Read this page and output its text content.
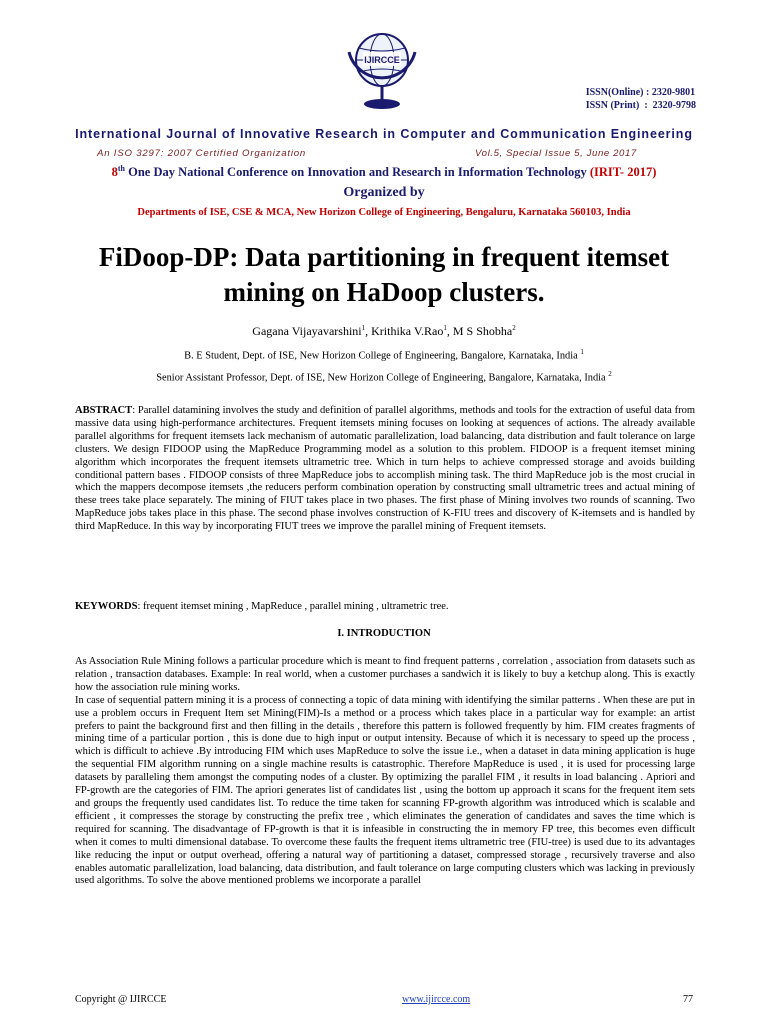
IJIRCCE
ISSN(Online) : 2320-9801
ISSN (Print)  :  2320-9798
International Journal of Innovative Research in Computer and Communication Engineering
An ISO 3297: 2007 Certified Organization	Vol.5, Special Issue 5, June 2017
8th One Day National Conference on Innovation and Research in Information Technology (IRIT- 2017)
Organized by
Departments of ISE, CSE & MCA, New Horizon College of Engineering, Bengaluru, Karnataka 560103, India
FiDoop-DP: Data partitioning in frequent itemset mining on HaDoop clusters.
Gagana Vijayavarshini$^1$, Krithika V.Rao$^1$, M S Shobha$^2$
B. E Student, Dept. of ISE, New Horizon College of Engineering, Bangalore, Karnataka, India $^1$
Senior Assistant Professor, Dept. of ISE, New Horizon College of Engineering, Bangalore, Karnataka, India $^2$
ABSTRACT: Parallel datamining involves the study and definition of parallel algorithms, methods and tools for the extraction of useful data from massive data using high-performance architectures. Frequent itemsets mining focuses on looking at sequences of actions. The already available parallel algorithms for frequent itemsets lack mechanism of automatic parallelization, load balancing, data distribution and fault tolerance on large clusters. We design FIDOOP using the MapReduce Programming model as a solution to this problem. FIDOOP is a frequent itemset mining algorithm which incorporates the frequent itemsets ultrametric tree. Which in turn helps to achieve compressed storage and avoids building conditional pattern bases . FIDOOP consists of three MapReduce jobs to accomplish mining task. The third MapReduce job is the most crucial in which the mappers decompose itemsets ,the reducers perform combination operation by constructing small ultrametric trees and actual mining of these trees take place separately. The mining of FIUT takes place in two phases. The first phase of Mining involves two rounds of scanning. Two MapReduce jobs takes place in this phase. The second phase involves construction of K-FIU trees and discovery of K-itemsets and is handled by third MapReduce. In this way by incorporating FIUT trees we improve the parallel mining of Frequent itemsets.
KEYWORDS: frequent itemset mining , MapReduce , parallel mining , ultrametric tree.
I. INTRODUCTION

As Association Rule Mining follows a particular procedure which is meant to find frequent patterns , correlation , association from datasets such as relation , transaction databases. Example: In real world, when a customer purchases a sandwich it is likely to buy a ketchup along. This is exactly how the association rule mining works.

In case of sequential pattern mining it is a process of connecting a topic of data mining with identifying the similar patterns . When these are put in use a problem occurs in Frequent Item set Mining(FIM)-Is a method or a process which takes place in a particular way for example: an artist prefers to paint the background first and then filling in the details , therefore this pattern is followed frequently by him. FIM creates fragments of mining time of a particular portion , this is done due to high input or output intensity. Because of which it is necessary to speed up the process , which is difficult to achieve .By introducing FIM which uses MapReduce to solve the issue i.e., when a dataset in data mining application is huge the sequential FIM algorithm running on a single machine results is catastrophic. Therefore MapReduce is used , it is used for processing large datasets by paralleling them amongst the computing nodes of a cluster. By optimizing the parallel FIM , it results in load balancing . Apriori and FP-growth are the categories of FIM. The apriori generates list of candidates list , using the bottom up approach it scans for the frequent item sets and groups the frequently used candidates list. To reduce the time taken for scanning FP-growth algorithm was introduced which is scalable and efficient , it compresses the storage by constructing the prefix tree , which eliminates the generation of candidates and saves the time which is required for scanning. The disadvantage of FP-growth is that it is infeasible in constructing the in memory FP tree, this becomes even difficult when it comes to multi dimensional database. To overcome these faults the frequent items ultrametric tree (FIU-tree) is used due to its advantages like reducing the input or output overhead, offering a natural way of partitioning a dataset, compressed storage , recursively traverse and also enables automatic parallelization, load balancing, data distribution, and fault tolerance on large computing clusters which was lacking in previously used algorithms. To solve the above mentioned problems we incorporate a parallel

Copyright @ IJIRCCE	www.ijircce.com	77
